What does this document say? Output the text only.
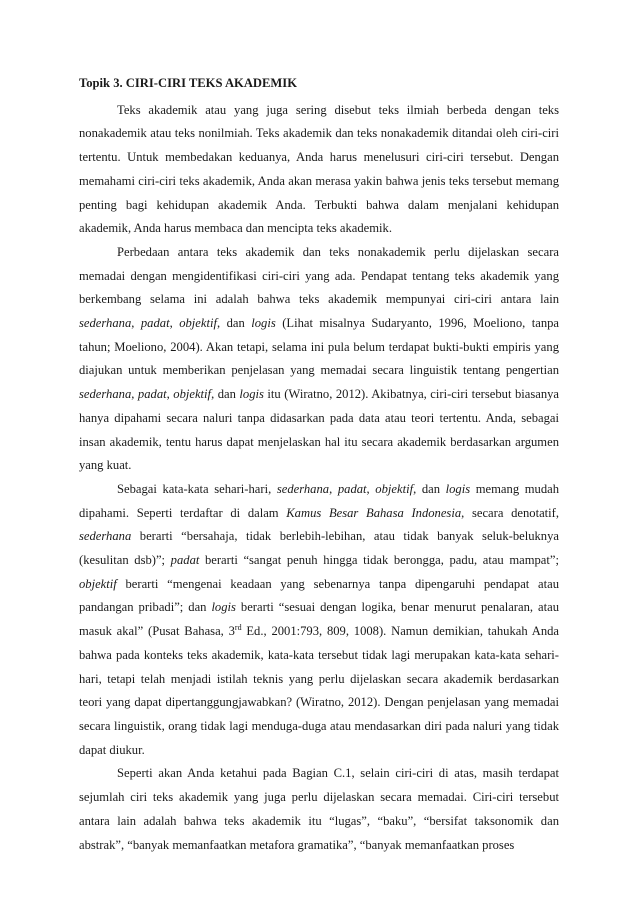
Topik 3. CIRI-CIRI TEKS AKADEMIK

Teks akademik atau yang juga sering disebut teks ilmiah berbeda dengan teks nonakademik atau teks nonilmiah. Teks akademik dan teks nonakademik ditandai oleh ciri-ciri tertentu. Untuk membedakan keduanya, Anda harus menelusuri ciri-ciri tersebut. Dengan memahami ciri-ciri teks akademik, Anda akan merasa yakin bahwa jenis teks tersebut memang penting bagi kehidupan akademik Anda. Terbukti bahwa dalam menjalani kehidupan akademik, Anda harus membaca dan mencipta teks akademik.

Perbedaan antara teks akademik dan teks nonakademik perlu dijelaskan secara memadai dengan mengidentifikasi ciri-ciri yang ada. Pendapat tentang teks akademik yang berkembang selama ini adalah bahwa teks akademik mempunyai ciri-ciri antara lain sederhana, padat, objektif, dan logis (Lihat misalnya Sudaryanto, 1996, Moeliono, tanpa tahun; Moeliono, 2004). Akan tetapi, selama ini pula belum terdapat bukti-bukti empiris yang diajukan untuk memberikan penjelasan yang memadai secara linguistik tentang pengertian sederhana, padat, objektif, dan logis itu (Wiratno, 2012). Akibatnya, ciri-ciri tersebut biasanya hanya dipahami secara naluri tanpa didasarkan pada data atau teori tertentu. Anda, sebagai insan akademik, tentu harus dapat menjelaskan hal itu secara akademik berdasarkan argumen yang kuat.

Sebagai kata-kata sehari-hari, sederhana, padat, objektif, dan logis memang mudah dipahami. Seperti terdaftar di dalam Kamus Besar Bahasa Indonesia, secara denotatif, sederhana berarti “bersahaja, tidak berlebih-lebihan, atau tidak banyak seluk-beluknya (kesulitan dsb)”; padat berarti “sangat penuh hingga tidak berongga, padu, atau mampat”; objektif berarti “mengenai keadaan yang sebenarnya tanpa dipengaruhi pendapat atau pandangan pribadi”; dan logis berarti “sesuai dengan logika, benar menurut penalaran, atau masuk akal” (Pusat Bahasa, 3rd Ed., 2001:793, 809, 1008). Namun demikian, tahukah Anda bahwa pada konteks teks akademik, kata-kata tersebut tidak lagi merupakan kata-kata sehari-hari, tetapi telah menjadi istilah teknis yang perlu dijelaskan secara akademik berdasarkan teori yang dapat dipertanggungjawabkan? (Wiratno, 2012). Dengan penjelasan yang memadai secara linguistik, orang tidak lagi menduga-duga atau mendasarkan diri pada naluri yang tidak dapat diukur.

Seperti akan Anda ketahui pada Bagian C.1, selain ciri-ciri di atas, masih terdapat sejumlah ciri teks akademik yang juga perlu dijelaskan secara memadai. Ciri-ciri tersebut antara lain adalah bahwa teks akademik itu “lugas”, “baku”, “bersifat taksonomik dan abstrak”, “banyak memanfaatkan metafora gramatika”, “banyak memanfaatkan proses
